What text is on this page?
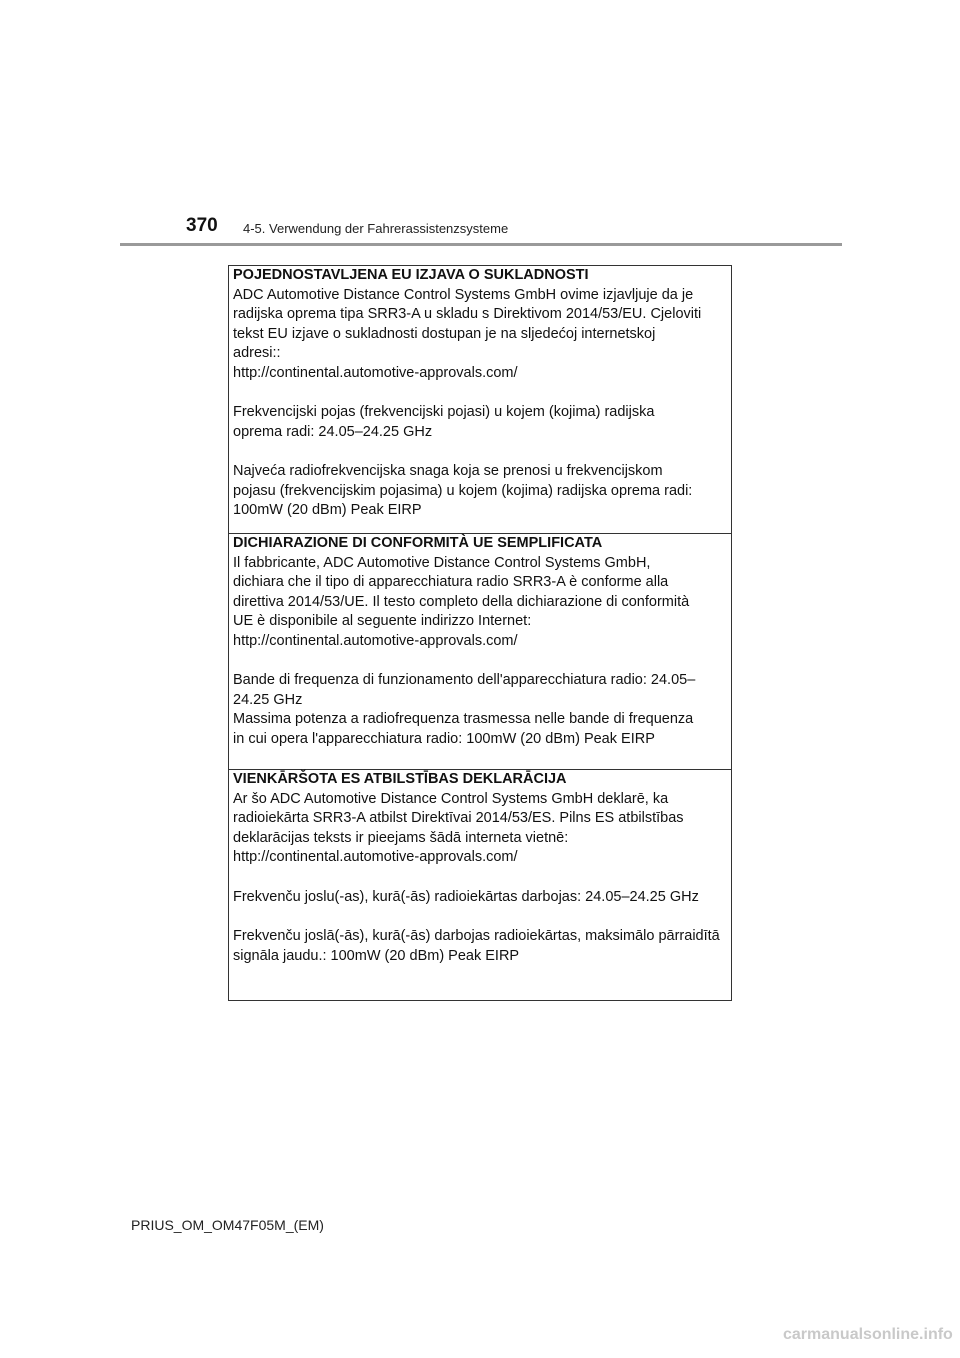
370 4-5. Verwendung der Fahrerassistenzsysteme

POJEDNOSTAVLJENA EU IZJAVA O SUKLADNOSTI

ADC Automotive Distance Control Systems GmbH ovime izjavljuje da je
radijska oprema tipa SRR3-A u skladu s Direktivom 2014/53/EU. Cjeloviti
tekst EU izjave o sukladnosti dostupan je na sljedećoj internetskoj
adresi::
http://continental.automotive-approvals.com/

Frekvencijski pojas (frekvencijski pojasi) u kojem (kojima) radijska
oprema radi: 24.05–24.25 GHz

Najveća radiofrekvencijska snaga koja se prenosi u frekvencijskom
pojasu (frekvencijskim pojasima) u kojem (kojima) radijska oprema radi:
100mW (20 dBm) Peak EIRP

DICHIARAZIONE DI CONFORMITÀ UE SEMPLIFICATA

Il fabbricante, ADC Automotive Distance Control Systems GmbH,
dichiara che il tipo di apparecchiatura radio SRR3-A è conforme alla
direttiva 2014/53/UE. Il testo completo della dichiarazione di conformità
UE è disponibile al seguente indirizzo Internet:
http://continental.automotive-approvals.com/

Bande di frequenza di funzionamento dell'apparecchiatura radio: 24.05–
24.25 GHz

Massima potenza a radiofrequenza trasmessa nelle bande di frequenza
in cui opera l'apparecchiatura radio: 100mW (20 dBm) Peak EIRP

VIENKĀRŠOTA ES ATBILSTĪBAS DEKLARĀCIJA

Ar šo ADC Automotive Distance Control Systems GmbH deklarē, ka
radioiekārta SRR3-A atbilst Direktīvai 2014/53/ES. Pilns ES atbilstības
deklarācijas teksts ir pieejams šādā interneta vietnē:
http://continental.automotive-approvals.com/

Frekvenču joslu(-as), kurā(-ās) radioiekārtas darbojas: 24.05–24.25 GHz

Frekvenču joslā(-ās), kurā(-ās) darbojas radioiekārtas, maksimālo pārraidītā signāla jaudu.: 100mW (20 dBm) Peak EIRP

PRIUS_OM_OM47F05M_(EM)
carmanualsonline.info
